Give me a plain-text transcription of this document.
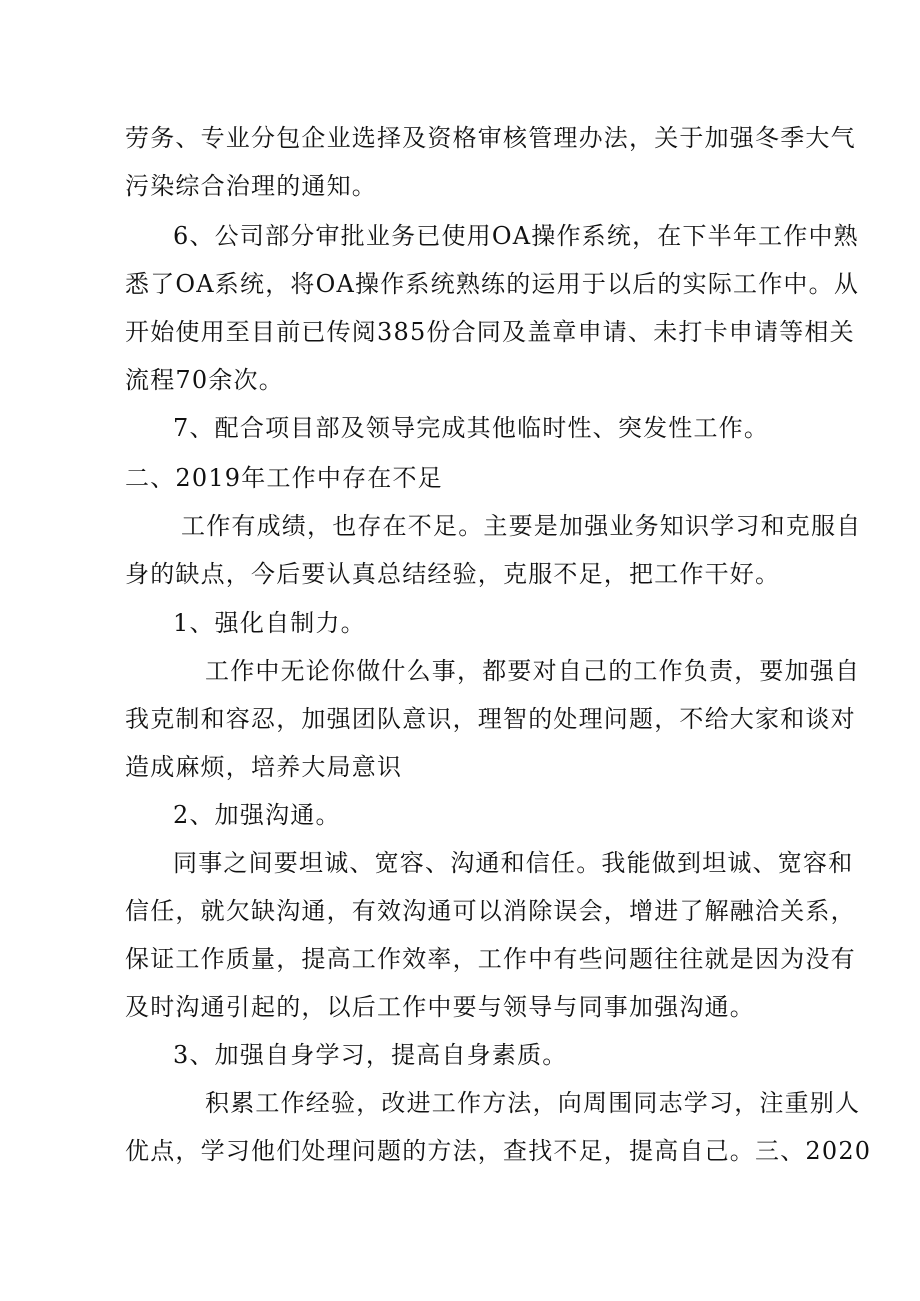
劳务、专业分包企业选择及资格审核管理办法，关于加强冬季大气
污染综合治理的通知。
6、公司部分审批业务已使用OA操作系统，在下半年工作中熟
悉了OA系统，将OA操作系统熟练的运用于以后的实际工作中。从
开始使用至目前已传阅385份合同及盖章申请、未打卡申请等相关
流程70余次。
7、配合项目部及领导完成其他临时性、突发性工作。
二、2019年工作中存在不足
工作有成绩，也存在不足。主要是加强业务知识学习和克服自
身的缺点，今后要认真总结经验，克服不足，把工作干好。
1、强化自制力。
工作中无论你做什么事，都要对自己的工作负责，要加强自
我克制和容忍，加强团队意识，理智的处理问题，不给大家和谈对
造成麻烦，培养大局意识
2、加强沟通。
同事之间要坦诚、宽容、沟通和信任。我能做到坦诚、宽容和
信任，就欠缺沟通，有效沟通可以消除误会，增进了解融洽关系，
保证工作质量，提高工作效率，工作中有些问题往往就是因为没有
及时沟通引起的，以后工作中要与领导与同事加强沟通。
3、加强自身学习，提高自身素质。
积累工作经验，改进工作方法，向周围同志学习，注重别人
优点，学习他们处理问题的方法，查找不足，提高自己。三、2020
